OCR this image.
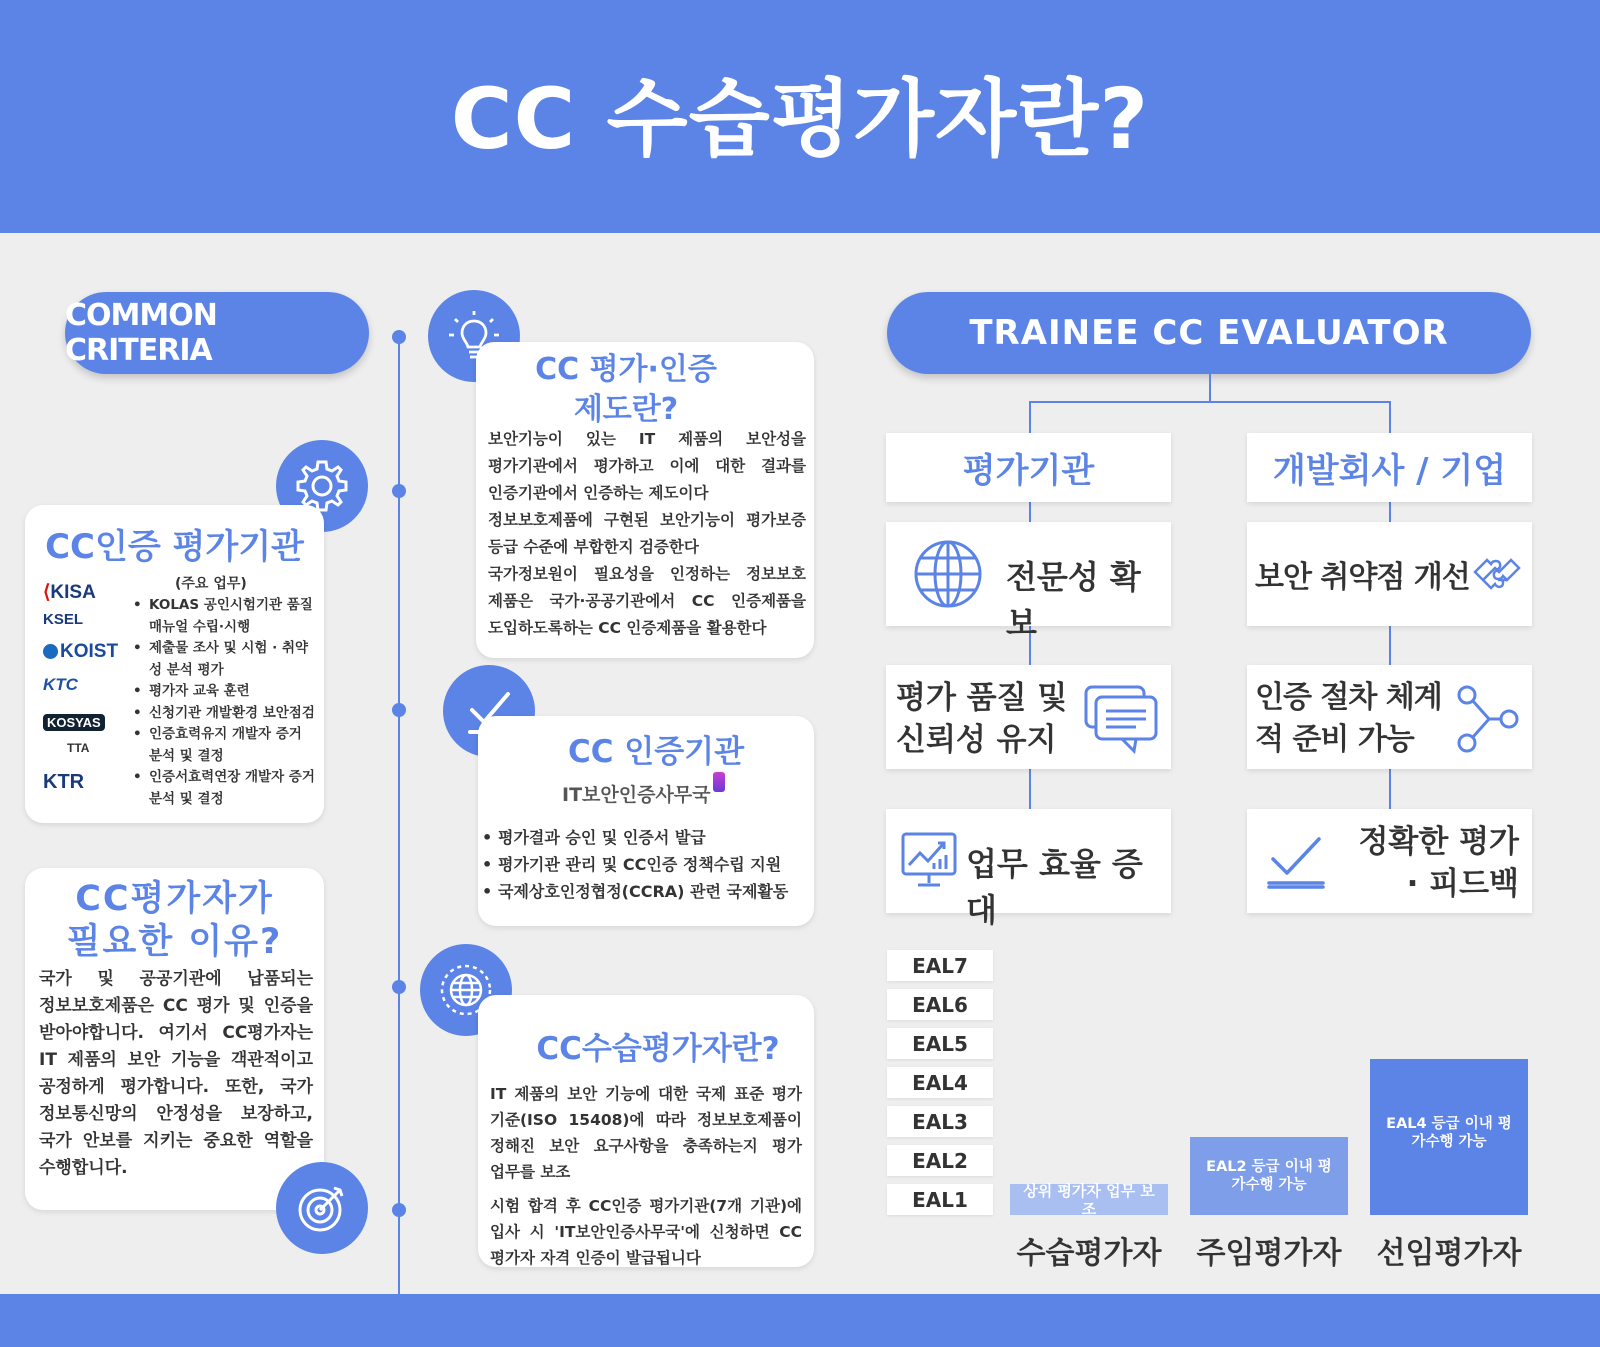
CC 수습평가자란?
COMMON CRITERIA
CC인증 평가기관
(주요 업무)
⟨KISA
KSEL
KOIST
KTC
KOSYAS
TTA
KTR
• KOLAS 공인시험기관 품질 매뉴얼 수립·시행
• 제출물 조사 및 시험 · 취약성 분석 평가
• 평가자 교육 훈련
• 신청기관 개발환경 보안점검
• 인증효력유지 개발자 증거 분석 및 결정
• 인증서효력연장 개발자 증거 분석 및 결정
CC평가자가
필요한 이유?
국가 및 공공기관에 납품되는 정보보호제품은 CC 평가 및 인증을 받아야합니다. 여기서 CC평가자는 IT 제품의 보안 기능을 객관적이고 공정하게 평가합니다. 또한, 국가 정보통신망의 안정성을 보장하고, 국가 안보를 지키는 중요한 역할을 수행합니다.
CC 평가·인증 제도란?
보안기능이 있는 IT 제품의 보안성을 평가기관에서 평가하고 이에 대한 결과를 인증기관에서 인증하는 제도이다
정보보호제품에 구현된 보안기능이 평가보증 등급 수준에 부합한지 검증한다
국가정보원이 필요성을 인정하는 정보보호 제품은 국가·공공기관에서 CC 인증제품을 도입하도록하는 CC 인증제품을 활용한다
CC 인증기관
IT보안인증사무국
• 평가결과 승인 및 인증서 발급
• 평가기관 관리 및 CC인증 정책수립 지원
• 국제상호인정협정(CCRA) 관련 국제활동
CC수습평가자란?
IT 제품의 보안 기능에 대한 국제 표준 평가 기준(ISO 15408)에 따라 정보보호제품이 정해진 보안 요구사항을 충족하는지 평가 업무를 보조
시험 합격 후 CC인증 평가기관(7개 기관)에 입사 시 'IT보안인증사무국'에 신청하면 CC 평가자 자격 인증이 발급됩니다
TRAINEE CC EVALUATOR
평가기관	개발회사 / 기업
전문성 확보
평가 품질 및 신뢰성 유지
업무 효율 증대
보안 취약점 개선
인증 절차 체계적 준비 가능
정확한 평가 · 피드백
EAL7
EAL6
EAL5
EAL4
EAL3
EAL2
EAL1	상위 평가자 업무 보조
EAL2 등급 이내 평가수행 가능
EAL4 등급 이내 평가수행 가능
수습평가자	주임평가자	선임평가자
